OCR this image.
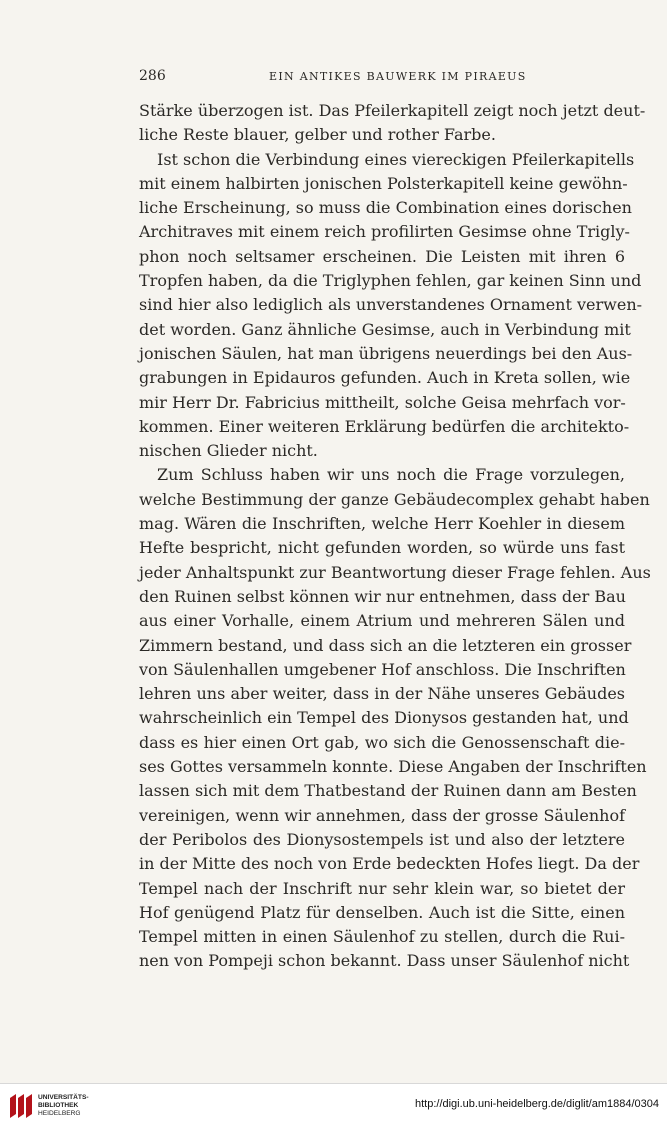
286	EIN ANTIKES BAUWERK IM PIRAEUS
Stärke überzogen ist. Das Pfeilerkapitell zeigt noch jetzt deut-
liche Reste blauer, gelber und rother Farbe.
Ist schon die Verbindung eines viereckigen Pfeilerkapitells
mit einem halbirten jonischen Polsterkapitell keine gewöhn-
liche Erscheinung, so muss die Combination eines dorischen
Architraves mit einem reich profilirten Gesimse ohne Trigly-
phon noch seltsamer erscheinen. Die Leisten mit ihren 6
Tropfen haben, da die Triglyphen fehlen, gar keinen Sinn und
sind hier also lediglich als unverstandenes Ornament verwen-
det worden. Ganz ähnliche Gesimse, auch in Verbindung mit
jonischen Säulen, hat man übrigens neuerdings bei den Aus-
grabungen in Epidauros gefunden. Auch in Kreta sollen, wie
mir Herr Dr. Fabricius mittheilt, solche Geisa mehrfach vor-
kommen. Einer weiteren Erklärung bedürfen die architekto-
nischen Glieder nicht.
Zum Schluss haben wir uns noch die Frage vorzulegen,
welche Bestimmung der ganze Gebäudecomplex gehabt haben
mag. Wären die Inschriften, welche Herr Koehler in diesem
Hefte bespricht, nicht gefunden worden, so würde uns fast
jeder Anhaltspunkt zur Beantwortung dieser Frage fehlen. Aus
den Ruinen selbst können wir nur entnehmen, dass der Bau
aus einer Vorhalle, einem Atrium und mehreren Sälen und
Zimmern bestand, und dass sich an die letzteren ein grosser
von Säulenhallen umgebener Hof anschloss. Die Inschriften
lehren uns aber weiter, dass in der Nähe unseres Gebäudes
wahrscheinlich ein Tempel des Dionysos gestanden hat, und
dass es hier einen Ort gab, wo sich die Genossenschaft die-
ses Gottes versammeln konnte. Diese Angaben der Inschriften
lassen sich mit dem Thatbestand der Ruinen dann am Besten
vereinigen, wenn wir annehmen, dass der grosse Säulenhof
der Peribolos des Dionysostempels ist und also der letztere
in der Mitte des noch von Erde bedeckten Hofes liegt. Da der
Tempel nach der Inschrift nur sehr klein war, so bietet der
Hof genügend Platz für denselben. Auch ist die Sitte, einen
Tempel mitten in einen Säulenhof zu stellen, durch die Rui-
nen von Pompeji schon bekannt. Dass unser Säulenhof nicht
UNIVERSITÄTS-
BIBLIOTHEK
HEIDELBERG
http://digi.ub.uni-heidelberg.de/diglit/am1884/0304
